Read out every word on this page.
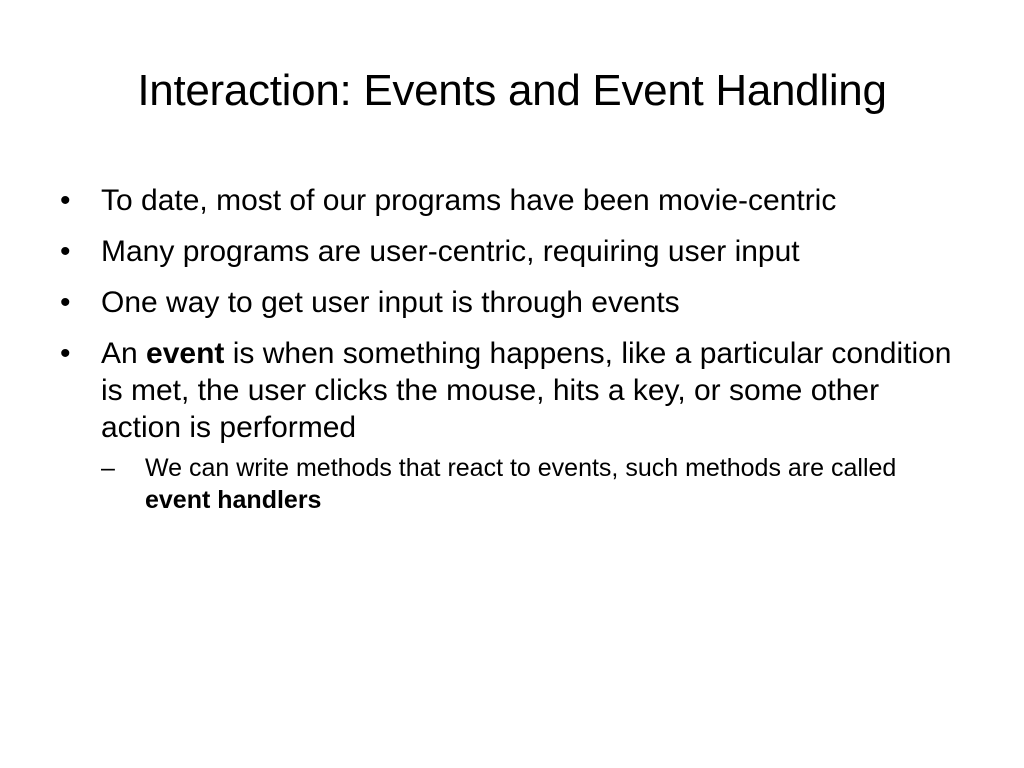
Interaction: Events and Event Handling
•	To date, most of our programs have been movie-centric
•	Many programs are user-centric, requiring user input
•	One way to get user input is through events
•	An event is when something happens, like a particular condition is met, the user clicks the mouse, hits a key, or some other action is performed
–	We can write methods that react to events, such methods are called event handlers
